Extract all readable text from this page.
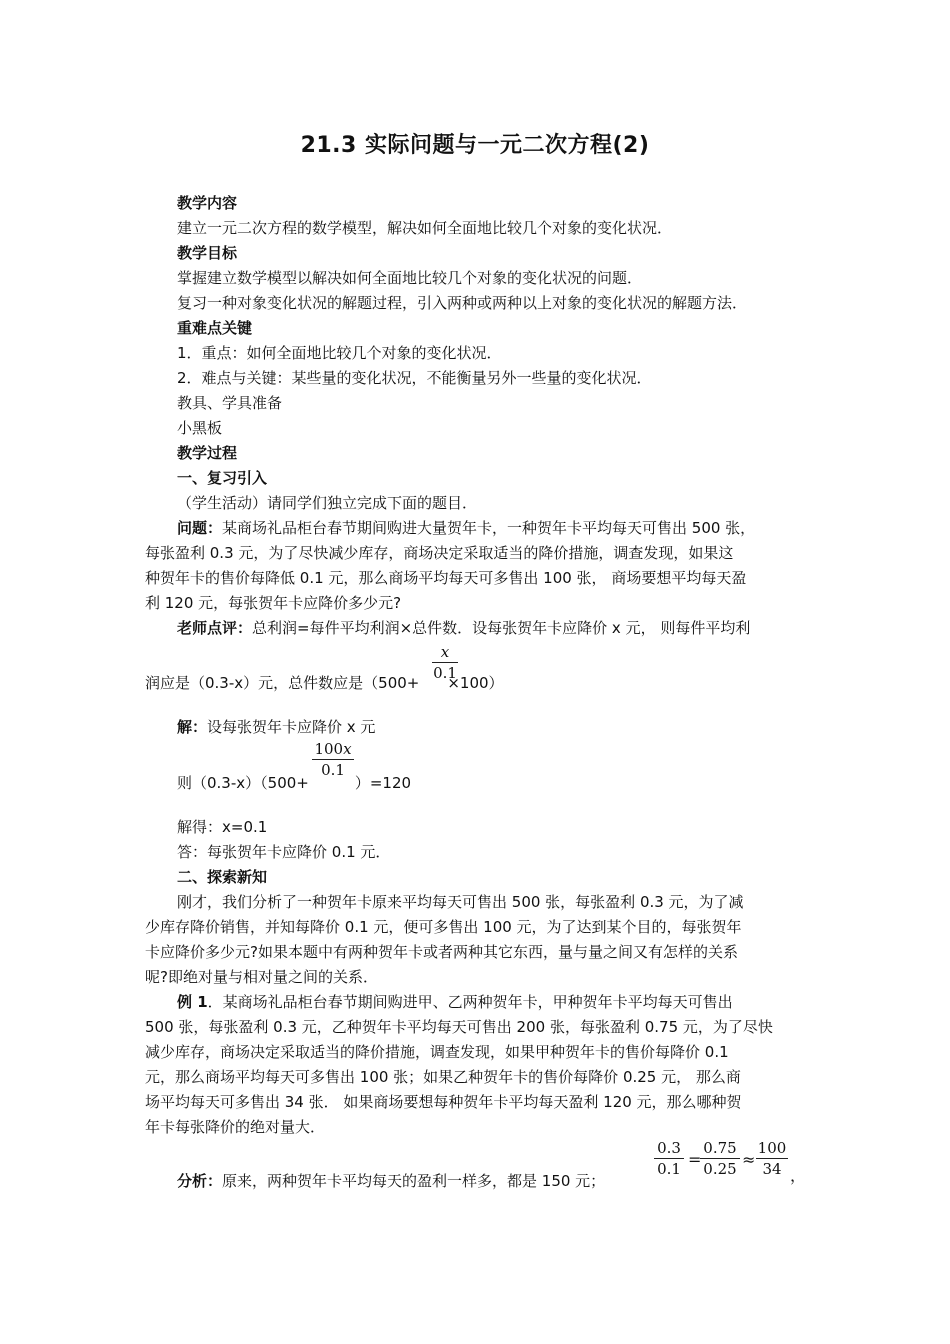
21.3 实际问题与一元二次方程(2)
教学内容
建立一元二次方程的数学模型，解决如何全面地比较几个对象的变化状况．
教学目标
掌握建立数学模型以解决如何全面地比较几个对象的变化状况的问题．
复习一种对象变化状况的解题过程，引入两种或两种以上对象的变化状况的解题方法．
重难点关键
1．重点：如何全面地比较几个对象的变化状况．
2．难点与关键：某些量的变化状况，不能衡量另外一些量的变化状况．
教具、学具准备
小黑板
教学过程
一、复习引入
（学生活动）请同学们独立完成下面的题目．
问题：某商场礼品柜台春节期间购进大量贺年卡，一种贺年卡平均每天可售出 500 张，
每张盈利 0.3 元，为了尽快减少库存，商场决定采取适当的降价措施，调查发现，如果这
种贺年卡的售价每降低 0.1 元，那么商场平均每天可多售出 100 张， 商场要想平均每天盈
利 120 元，每张贺年卡应降价多少元?
老师点评：总利润=每件平均利润×总件数．设每张贺年卡应降价 x 元， 则每件平均利
x
0.1
润应是（0.3-x）元，总件数应是（500+ ×100）
解：设每张贺年卡应降价 x 元
100x
0.1
则（0.3-x）（500+	）=120
解得：x=0.1
答：每张贺年卡应降价 0.1 元．
二、探索新知
刚才，我们分析了一种贺年卡原来平均每天可售出 500 张，每张盈利 0.3 元，为了减
少库存降价销售，并知每降价 0.1 元，便可多售出 100 元，为了达到某个目的，每张贺年
卡应降价多少元?如果本题中有两种贺年卡或者两种其它东西，量与量之间又有怎样的关系
呢?即绝对量与相对量之间的关系．
例 1．某商场礼品柜台春节期间购进甲、乙两种贺年卡，甲种贺年卡平均每天可售出
500 张，每张盈利 0.3 元，乙种贺年卡平均每天可售出 200 张，每张盈利 0.75 元，为了尽快
减少库存，商场决定采取适当的降价措施，调查发现，如果甲种贺年卡的售价每降价 0.1
元，那么商场平均每天可多售出 100 张；如果乙种贺年卡的售价每降价 0.25 元， 那么商
场平均每天可多售出 34 张． 如果商场要想每种贺年卡平均每天盈利 120 元，那么哪种贺
年卡每张降价的绝对量大．
分析：原来，两种贺年卡平均每天的盈利一样多，都是 150 元；
0.3
0.1 =
0.75
0.25 ≈
100
34 ，
